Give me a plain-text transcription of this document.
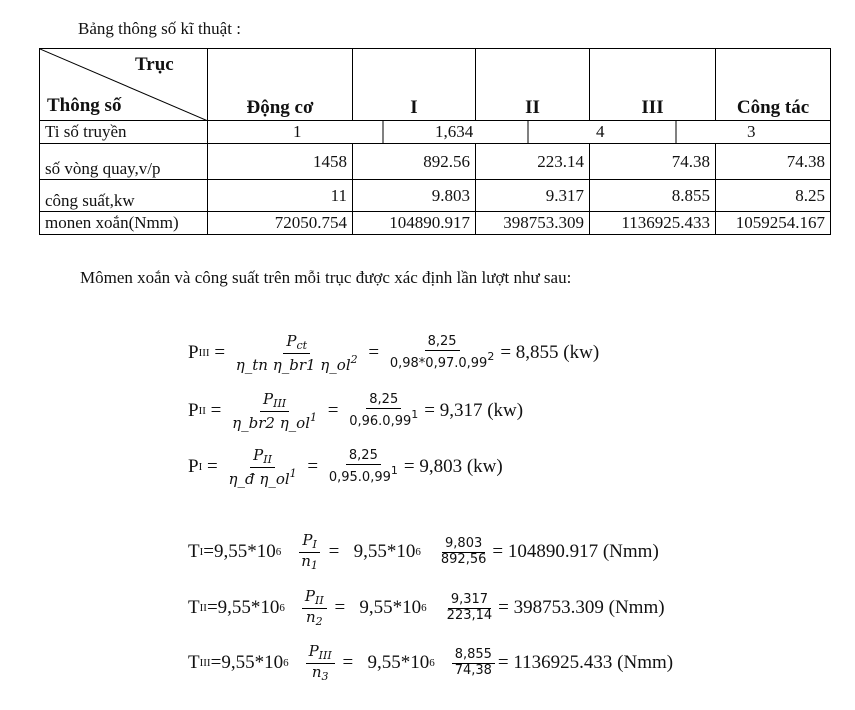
Bảng thông số kĩ thuật :
Trục
Thông số	Động cơ	I	II	III	Công tác
Ti số truyền	1 1,634 4 3				

số vòng quay,v/p	1458	892.56	223.14	74.38	74.38
công suất,kw	11	9.803	9.317	8.855	8.25
monen xoắn(Nmm)	72050.754	104890.917	398753.309	1136925.433	1059254.167
Mômen xoắn và công suất trên mỗi trục được xác định lần lượt như sau:
P III = $\frac{P_{ct}}{\eta\_tn \eta\_br1 \eta\_ol^2} = \frac{8,25}{0,98*0,97.0,99^2} = 8,855$ (kw)
P II = $\frac{P_{III}}{\eta\_br2 \eta\_ol^1} = \frac{8,25}{0,96.0,99^1} = 9,317$ (kw)
P $I = \frac{P_{II}}{\eta\_đ \eta\_ol^1} = \frac{8,25}{0,95.0,99^1} = 9,803$ (kw)
T I =9,55*10 $6 \frac{P_I}{n_1} = 9,55*10$ $6 \frac{9,803}{892,56} = 104890.917$ (Nmm)
T II =9,55*10 $6 \frac{P_{II}}{n_2} = 9,55*10$ $6 \frac{9,317}{223,14} = 398753.309$ (Nmm)
T III =9,55*10 $6 \frac{P_{III}}{n_3} = 9,55*10$ $6 \frac{8,855}{74,38} = 1136925.433$ (Nmm)
